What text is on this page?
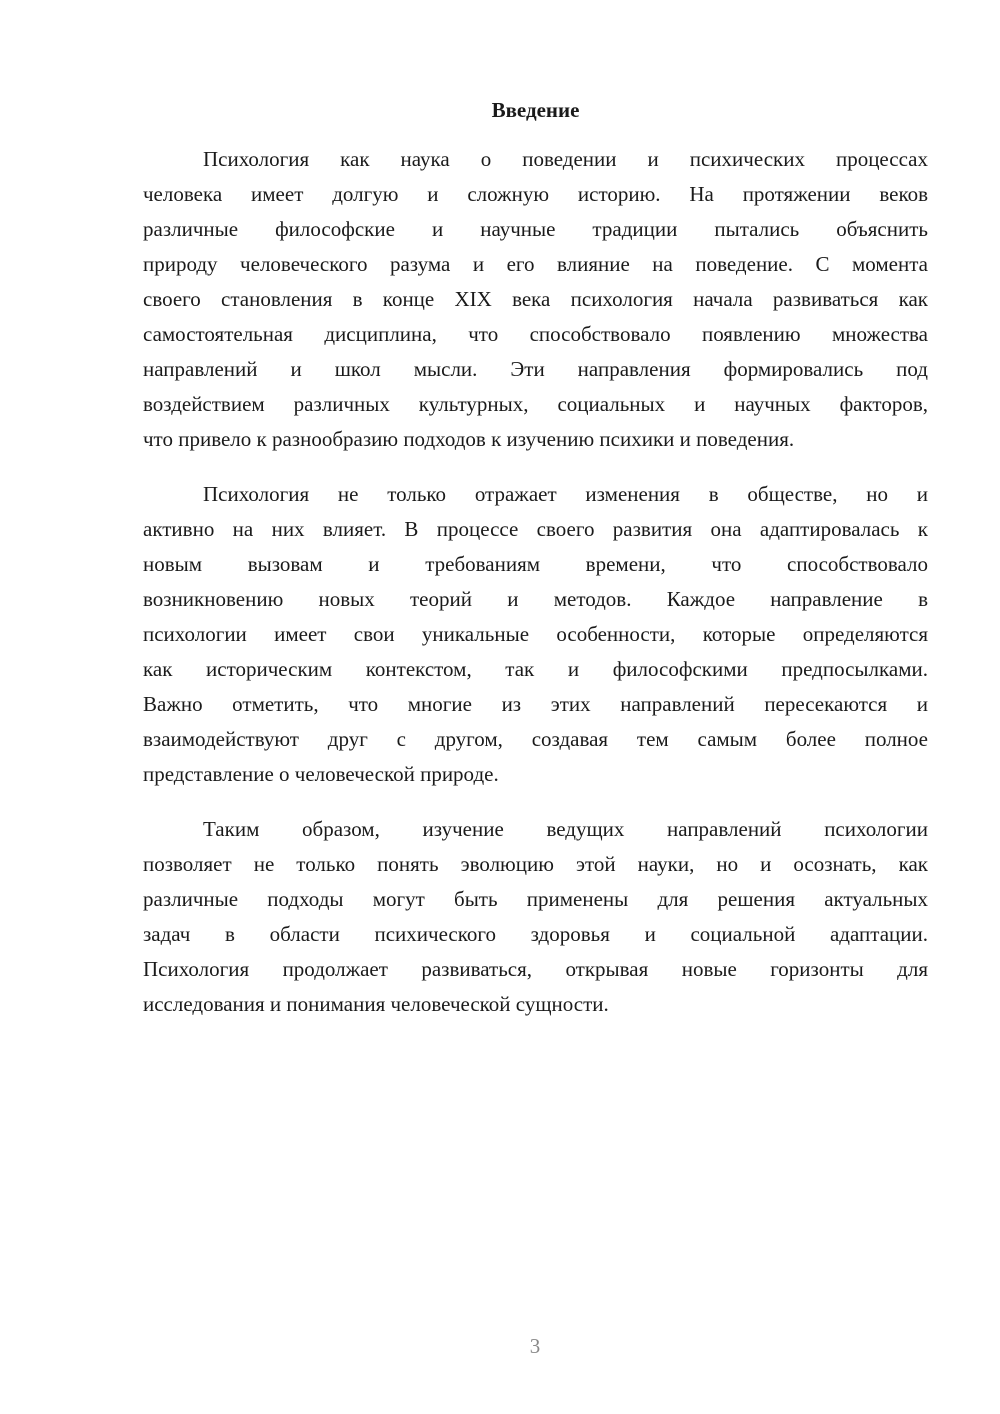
Введение
Психология как наука о поведении и психических процессах
человека имеет долгую и сложную историю. На протяжении веков
различные философские и научные традиции пытались объяснить
природу человеческого разума и его влияние на поведение. С момента
своего становления в конце XIX века психология начала развиваться как
самостоятельная дисциплина, что способствовало появлению множества
направлений и школ мысли. Эти направления формировались под
воздействием различных культурных, социальных и научных факторов,
что привело к разнообразию подходов к изучению психики и поведения.
Психология не только отражает изменения в обществе, но и
активно на них влияет. В процессе своего развития она адаптировалась к
новым вызовам и требованиям времени, что способствовало
возникновению новых теорий и методов. Каждое направление в
психологии имеет свои уникальные особенности, которые определяются
как историческим контекстом, так и философскими предпосылками.
Важно отметить, что многие из этих направлений пересекаются и
взаимодействуют друг с другом, создавая тем самым более полное
представление о человеческой природе.
Таким образом, изучение ведущих направлений психологии
позволяет не только понять эволюцию этой науки, но и осознать, как
различные подходы могут быть применены для решения актуальных
задач в области психического здоровья и социальной адаптации.
Психология продолжает развиваться, открывая новые горизонты для
исследования и понимания человеческой сущности.
3
